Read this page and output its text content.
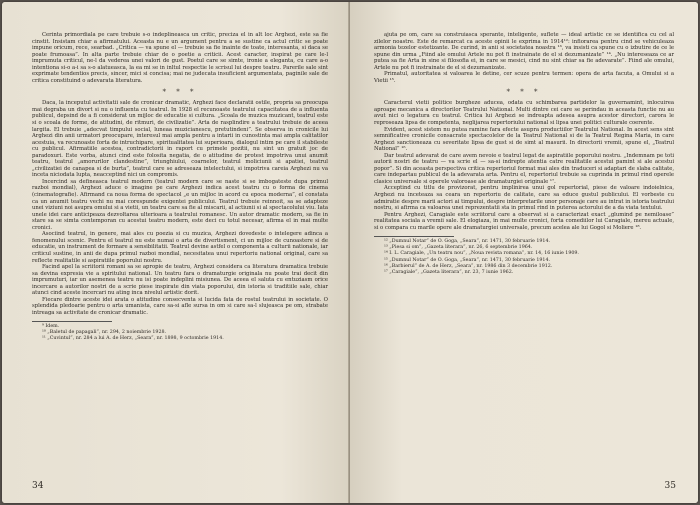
Cerinta primordiala pe care trebuie s-o indeplineasca un critic, preciza el in alt loc Arghezi, este sa fie cinstit. Insistam chiar a afirmatului. Aceasta nu e un argument pentru a se sustine ca actul critic se poate impune oricum, rece, searbad. „Critica — va spune el — trebuie sa fie inainte de toate, interesanta, si daca se poate frumoasa”. In alta parte trebuie chiar de o poetie a criticii. Acest caracter, inspirat pe care le-l imprumuta criticul, ne-l da vederea unei valori de gust. Poetul care se simte, ironie a eleganta, cu care a-o intentiona si-o a-i sa s-o alatueasca, la ea mi se in inltul respectie le scrisul lui despre teatru. Parerile sale sint exprimate tendentios precis, sincer, mici si concisa; mai ne judecata insuficient argumentata, paginile sale de critica constituind o adevarata literatura.

* * *

Daca, la inceputul activitatii sale de cronicar dramatic, Arghezi face declaratii ostile, propria sa preocupa mai degraba un divort si nu o influenta cu teatrul. In 1928 el recunoaste teatrului capacitatea de a influenta publicul, depsind de a fi considerat un mijloc de educatie si cultura. „Scoala de muzica muzicant, teatrul este si o scoala de forme, de atitudini, de ritmuri, de civilizatie”. Arta de rasplindire a teatrului trebuie de aceea largita. El trebuie „adecvat timpului social, luneaa muzicianescu, pretutindeni”. Se observa in cronicile lui Arghezi din anii urmatori preocupare, interesul mai ampla pentru a intarii in cunostinta mai ampla calitatilor acestuia, va recunoaste forta de intruchipare, spiritualitatea lui superioara, dialogul intim pe care il stabileste cu publicul. Afirmatiile acestea, contradictorii in raport cu primele pozitii, nu sint un gratuit joc de paradoxuri. Este vorba, atunci cind este folosita negatia, de o atitudine de protest impotriva unui anumit teatru, teatrul „amorurilor clandestine”, triunghiului, coarnelor, teatrul moliciunii si apatiei, teatrul „civilizatiei de canapea si de burta”, teatrul care se adreseaza intelectului, si impotriva careia Arghezi nu va inceta niciodata lupta, neacceptind nici un compromis.

Incercind sa defineasca teatrul modern (teatrul modern care se naste si se imbogateste dupa primul razboi mondial), Arghezi aduce o imagine pe care Arghezi indica acest teatru cu o forma de cinema (cinematografie). Afirmand ca noua forma de spectacol „e un mijloc in acord cu epoca moderna”, el constata ca un anumit teatru vechi nu mai corespunde exigentei publicului. Teatrul trebuie reinnoit, sa se adapteze unei viziuni noi asupra omului si a vietii, un teatru care sa fie al miscarii, al actiunii si al spectacolului viu. Iata unele idei care anticipeaza dezvoltarea ulterioara a teatrului romanesc. Un autor dramatic modern, sa fie in stare sa se simta contemporan cu acestui teatru modern, este deci cu totul necesar, afirma el in mai multe cronici.

Asociind teatrul, in genere, mai ales cu poezia si cu muzica, Arghezi dovedeste o intelegere adinca a fenomenului scenic. Pentru el teatrul nu este numai o arta de divertisment, ci un mijloc de cunoastere si de educatie, un instrument de formare a sensibilitatii. Teatrul devine astfel o componenta a culturii nationale, iar criticul sustine, in anii de dupa primul razboi mondial, necesitatea unui repertoriu national original, care sa reflecte realitatile si aspiratiile poporului nostru.

Facind apel la scriitorii romani sa se apropie de teatru, Arghezi considera ca literatura dramatica trebuie sa devina expresia vie a spiritului national. Un teatru fara o dramaturgie originala nu poate trai decit din imprumuturi, iar un asemenea teatru nu isi poate indeplini misiunea. De aceea el saluta cu entuziasm orice incercare a autorilor nostri de a scrie piese inspirate din viata poporului, din istoria si traditiile sale, chiar atunci cind aceste incercari nu ating inca nivelul artistic dorit.

Fiecare dintre aceste idei arata o atitudine consecventa si lucida fata de rostul teatrului in societate. O splendida pledoarie pentru o arta umanista, care sa-si afle sursa in om si care sa-l slujeasca pe om, strabate intreaga sa activitate de cronicar dramatic.

⁹ Idem.
¹⁰ „Baletul de papagali”, nr. 294, 2 noiembrie 1928.
¹¹ „Cuvintul”, nr. 284 a lui A. de Herz, „Seara”, nr. 1898, 9 octombrie 1914.
34

ajuta pe om, care sa construiasca sperante, inteligente, suflete — ideal artistic ce se identifica cu cel al zilelor noastre. Este de remarcat ca aceste opinii le exprima in 1914¹²: infiorarea pentru cind se vehiculeaza armonia tezelor estetizante. De curind, in anii si societatea noastra ¹³, va insisti ca spune cu o izbutire de ce le spune din urma „Fiind ale omului Artele nu pot fi instrainate de el si dezumanizate” ¹⁴. „Nu intereseaza ce ar putea sa fie Arta in sine si filosofia ei, in care se mesici, cind nu sint chiar sa fie adevarate”. Fiind ale omului, Artele nu pot fi instrainate de el si dezumanizate.

Primatul, autoritatea si valoarea le detine, cer scuze pentru termen: opera de arta facuta, a Omului si a Vietii ¹⁵.

* * *

Caracterul vietii politice burgheze aducea, odata cu schimbarea partidelor la guvernamint, inlocuirea aproape mecanica a directorilor Teatrului National. Multi dintre cei care se perindau in aceasta functie nu au avut nici o legatura cu teatrul. Critica lui Arghezi se indreapta adesea asupra acestor directori, carora le reproseaza lipsa de competenta, neglijarea repertoriului national si lipsa unei politici culturale coerente.

Evident, acest sistem nu putea ramine fara efecte asupra productiilor Teatrului National. In acest sens sint semnificative cronicile consacrate spectacolelor de la Teatrul National si de la Teatrul Regina Maria, in care Arghezi sanctioneaza cu severitate lipsa de gust si de simt al masurii. In directorii vremii, spune el, „Teatrul National” ¹⁶.

Dar teatrul adevarat de care avem nevoie e teatrul legat de aspiratiile poporului nostru. „Indemnam pe toti autorii nostri de teatru — va scrie el — sa-si indrepte atentia catre realitatile acestui pamint si ale acestui popor”. Si din aceasta perspectiva critica repertoriul format mai ales din traduceri si adaptari de slaba calitate, care indepartau publicul de la adevarata arta. Pentru el, repertoriul trebuie sa cuprinda in primul rind operele clasice universale si operele valoroase ale dramaturgiei originale ¹⁷.

Acceptind cu titlu de provizorat, pentru implinirea unui gol repertorial, piese de valoare indoielnica, Arghezi nu inceteaza sa ceara un repertoriu de calitate, care sa educe gustul publicului. El vorbeste cu admiratie despre marii actori ai timpului, despre interpretarile unor personaje care au intrat in istoria teatrului nostru, si afirma ca valoarea unei reprezentatii sta in primul rind in puterea actorului de a da viata textului.

Pentru Arghezi, Caragiale este scriitorul care a observat si a caracterizat exact „glumind pe nemiloase” realitatea sociala a vremii sale. El elogiaza, in mai multe cronici, forta comediilor lui Caragiale, mereu actuale, si o compara cu marile opere ale dramaturgiei universale, precum acelea ale lui Gogol si Moliere ¹⁸.

¹² „Dumnul Notar” de O. Goga, „Seara”, nr. 1471, 30 februarie 1914.
¹³ „Piesa si om”, „Gazeta literara”, nr. 26, 6 septembrie 1964.
¹⁴ I. L. Caragiale, „Un teatru nou”, „Noua revista romana”, nr. 14, 16 iunie 1909.
¹⁵ „Dumnul Notar” de O. Goga, „Seara”, nr. 1471, 30 februarie 1914.
¹⁶ „Barbierul” de A. de Herz, „Seara”, nr. 1986 din 3 decembrie 1912.
¹⁷ „Caragiale”, „Gazeta literara”, nr. 23, 7 iunie 1962.
35
